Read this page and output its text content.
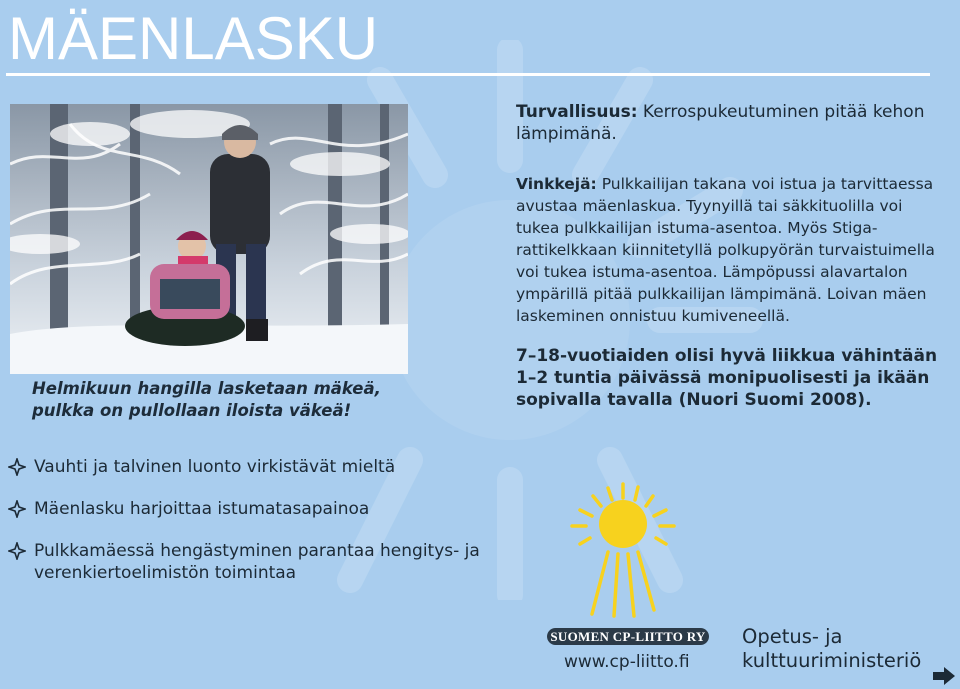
MÄENLASKU
Helmikuun hangilla lasketaan mäkeä,
pulkka on pullollaan iloista väkeä!

Turvallisuus: Kerrospukeutuminen pitää kehon lämpimänä.

Vinkkejä: Pulkkailijan takana voi istua ja tarvittaessa avustaa mäenlaskua. Tyynyillä tai säkkituolilla voi tukea pulkkailijan istuma-asentoa. Myös Stiga-rattikelkkaan kiinnitetyllä polkupyörän turvaistuimella voi tukea istuma-asentoa. Lämpöpussi alavartalon ympärillä pitää pulkkailijan lämpimänä. Loivan mäen laskeminen onnistuu kumiveneellä.

7–18-vuotiaiden olisi hyvä liikkua vähintään 1–2 tuntia päivässä monipuolisesti ja ikään sopivalla tavalla (Nuori Suomi 2008).

Vauhti ja talvinen luonto virkistävät mieltä
Mäenlasku harjoittaa istumatasapainoa
Pulkkamäessä hengästyminen parantaa hengitys- ja verenkiertoelimistön toimintaa
SUOMEN CP-LIITTO RY
www.cp-liitto.fi
Opetus- ja
kulttuuriministeriö
